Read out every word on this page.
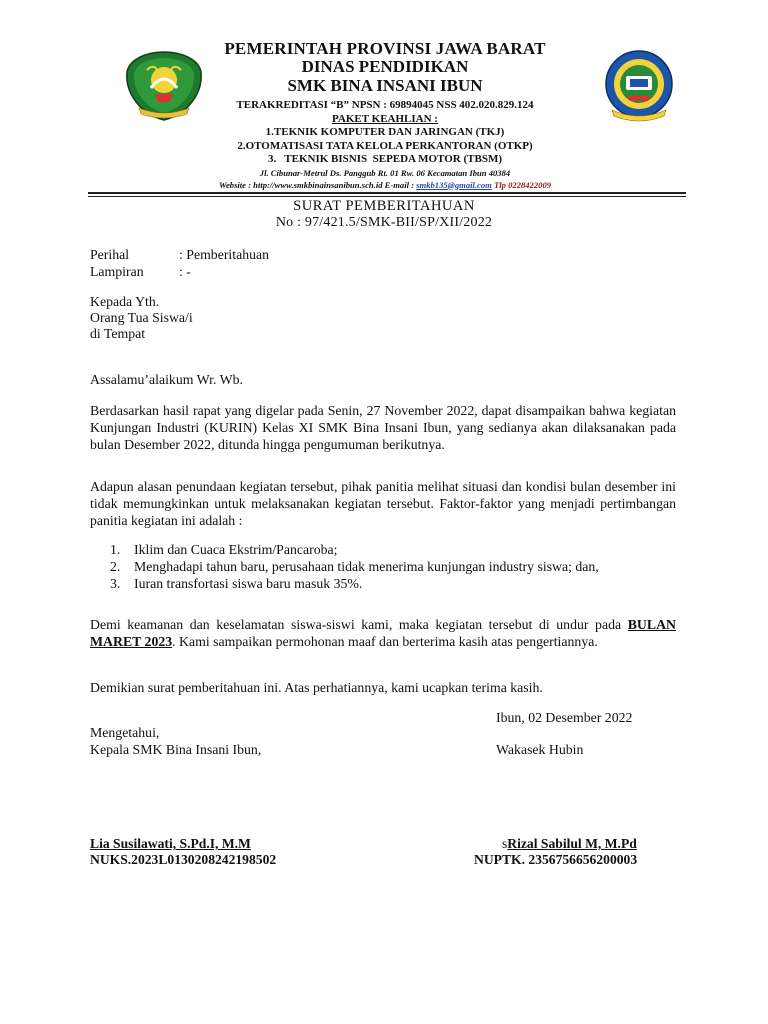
PEMERINTAH PROVINSI JAWA BARAT
DINAS PENDIDIKAN
SMK BINA INSANI IBUN
TERAKREDITASI “B” NPSN : 69894045 NSS 402.020.829.124
PAKET KEAHLIAN :
1.TEKNIK KOMPUTER DAN JARINGAN (TKJ)
2.OTOMATISASI TATA KELOLA PERKANTORAN (OTKP)
3.   TEKNIK BISNIS  SEPEDA MOTOR (TBSM)
Jl. Cibunar-Metrul Ds. Panggub Rt. 01 Rw. 06 Kecamatan Ibun 40384
Website : http://www.smkbinainsanibun.sch.id E-mail : smkb135@gmail.com Tlp 0228422009
SURAT PEMBERITAHUAN
No : 97/421.5/SMK-BII/SP/XII/2022
Perihal	: Pemberitahuan
Lampiran	: -
Kepada Yth.
Orang Tua Siswa/i
di Tempat
Assalamu’alaikum Wr. Wb.
Berdasarkan hasil rapat yang digelar pada Senin, 27 November 2022, dapat disampaikan bahwa kegiatan Kunjungan Industri (KURIN) Kelas XI SMK Bina Insani Ibun, yang sedianya akan dilaksanakan pada bulan Desember 2022, ditunda hingga pengumuman berikutnya.
Adapun alasan penundaan kegiatan tersebut, pihak panitia melihat situasi dan kondisi bulan desember ini tidak memungkinkan untuk melaksanakan kegiatan tersebut. Faktor-faktor yang menjadi pertimbangan panitia kegiatan ini adalah :
1. Iklim dan Cuaca Ekstrim/Pancaroba;
2. Menghadapi tahun baru, perusahaan tidak menerima kunjungan industry siswa; dan,
3. Iuran transfortasi siswa baru masuk 35%.
Demi keamanan dan keselamatan siswa-siswi kami, maka kegiatan tersebut di undur pada BULAN MARET 2023. Kami sampaikan permohonan maaf dan berterima kasih atas pengertiannya.
Demikian surat pemberitahuan ini. Atas perhatiannya, kami ucapkan terima kasih.
Ibun, 02 Desember 2022
Mengetahui,
Kepala SMK Bina Insani Ibun,	Wakasek Hubin
Lia Susilawati, S.Pd.I, M.M
NUKS.2023L0130208242198502
sRizal Sabilul M, M.Pd
NUPTK. 2356756656200003
